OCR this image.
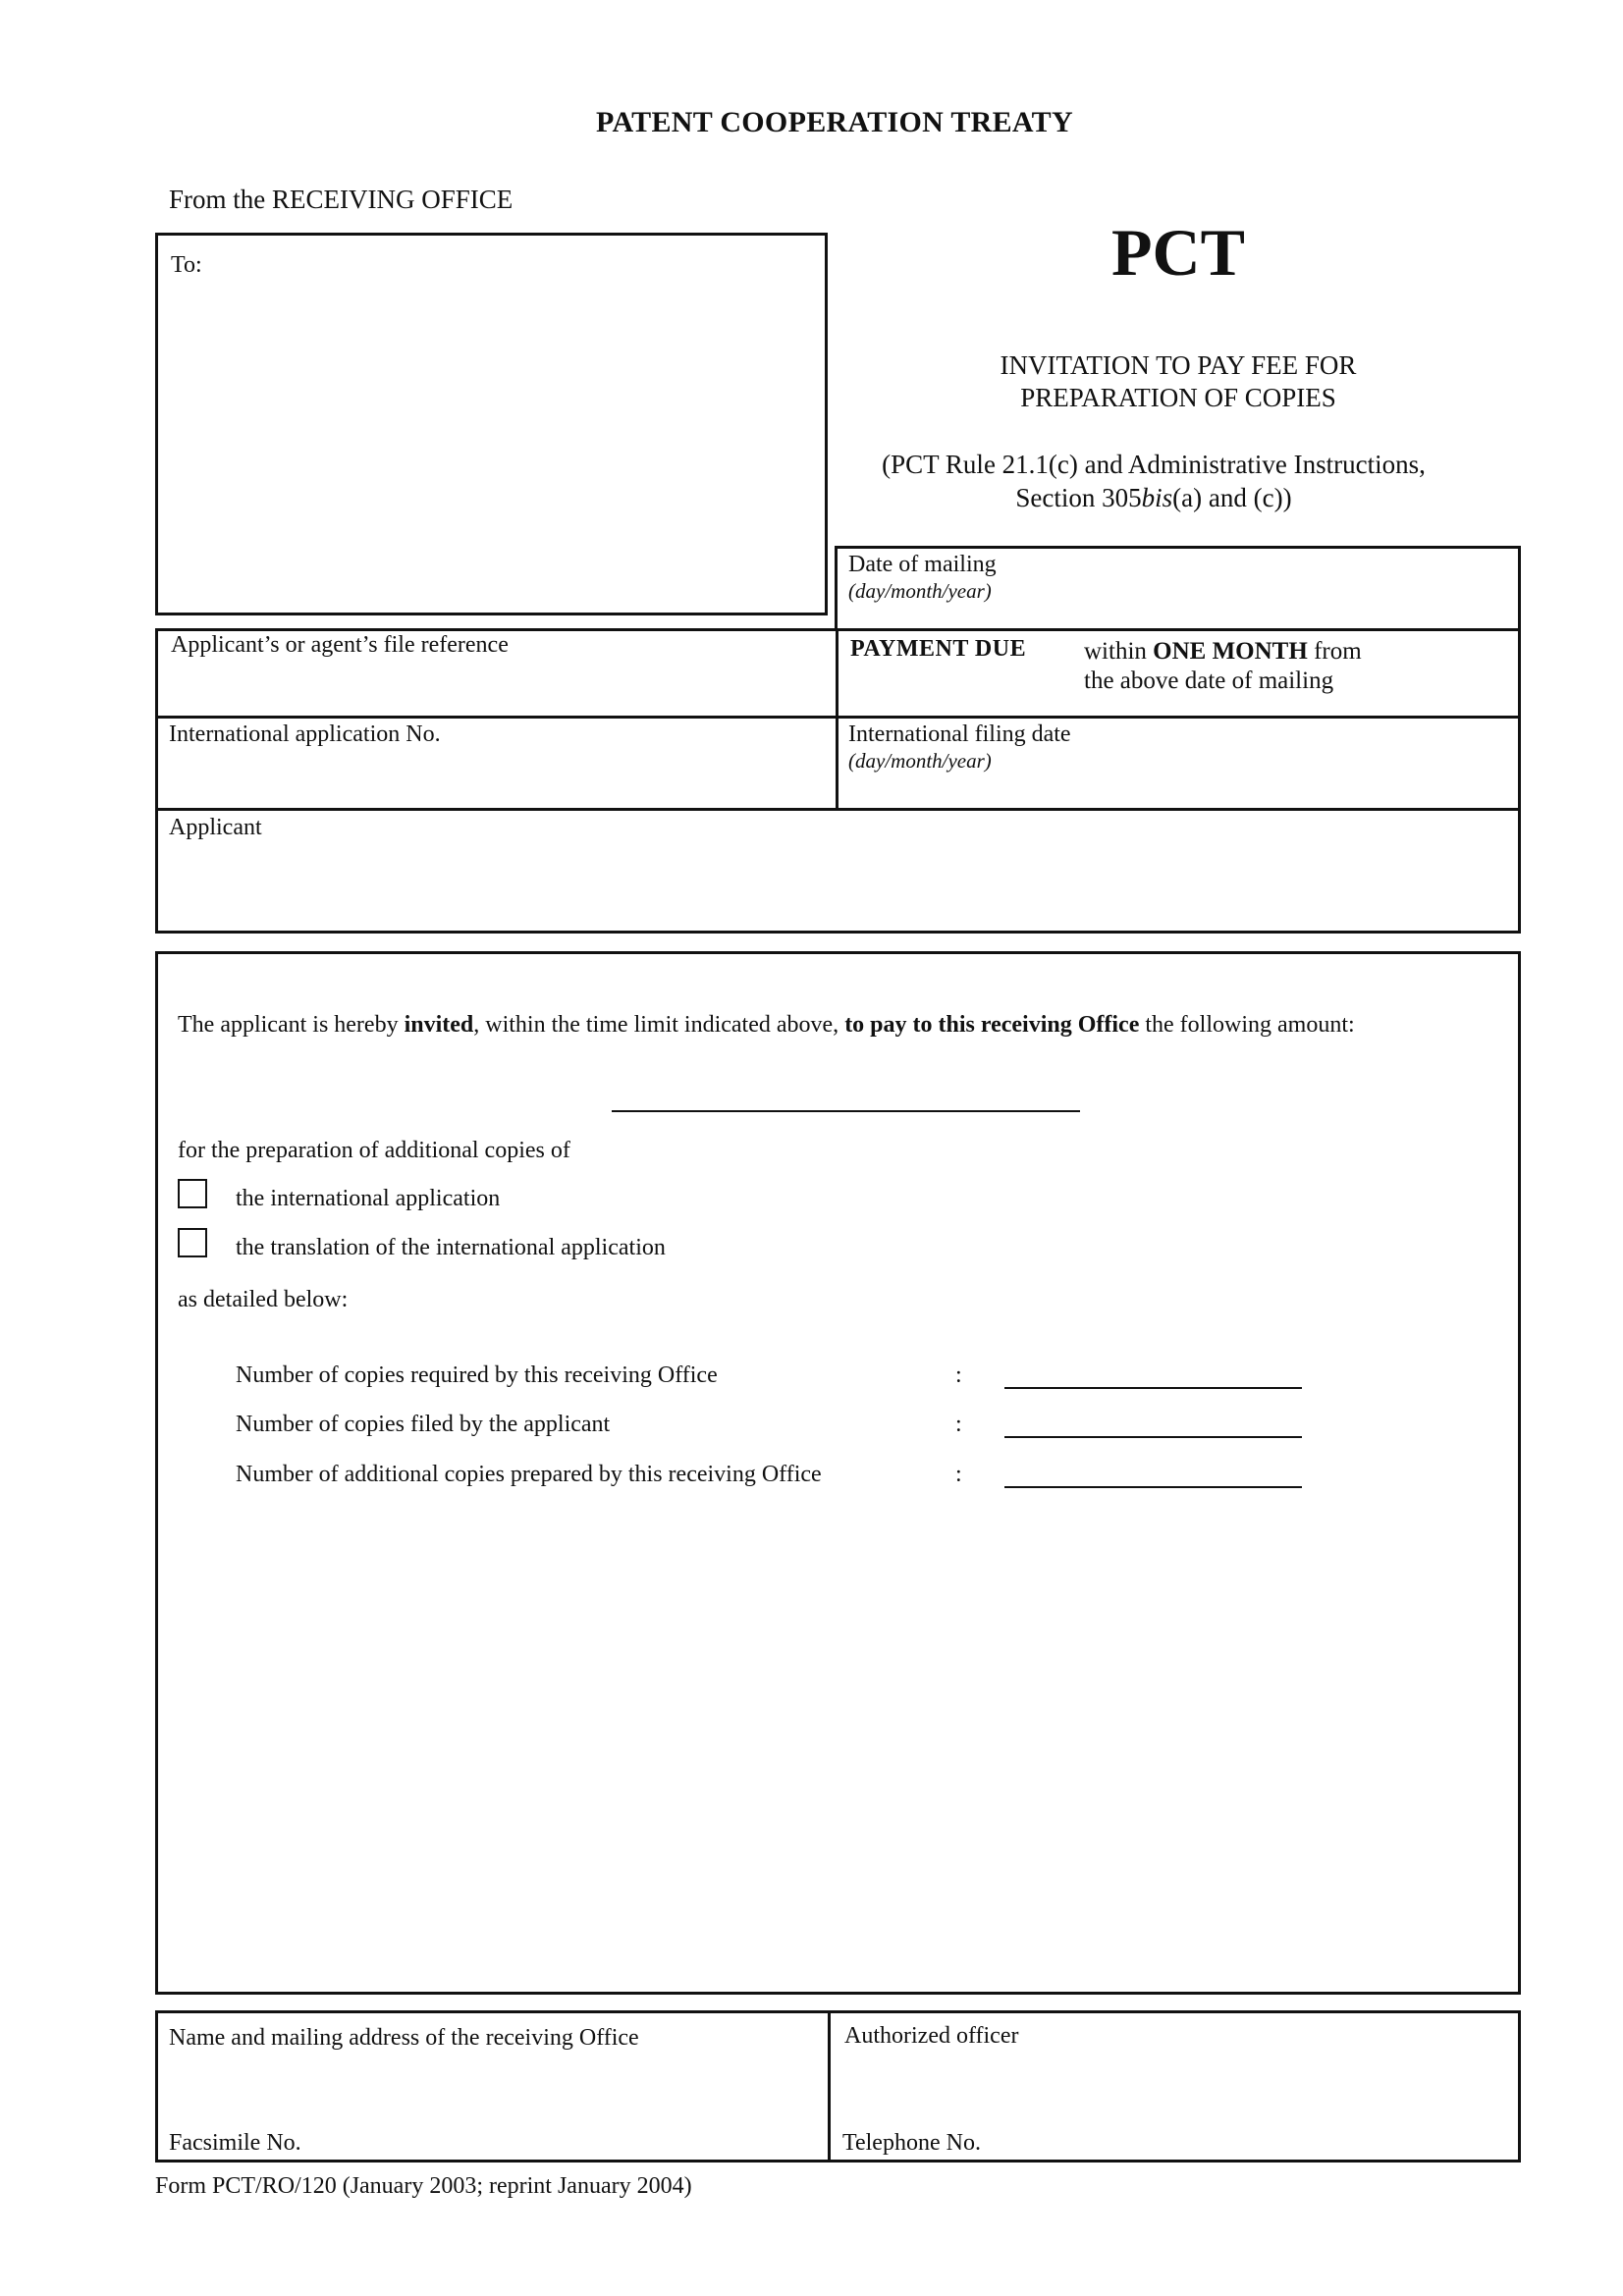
PATENT COOPERATION TREATY
From the RECEIVING OFFICE
To:	PCT
INVITATION TO PAY FEE FOR
PREPARATION OF COPIES
(PCT Rule 21.1(c) and Administrative Instructions,
Section 305bis(a) and (c))
Date of mailing
(day/month/year)
Applicant’s or agent’s file reference	PAYMENT DUE within ONE MONTH from
the above date of mailing
International application No.	International filing date
(day/month/year)
Applicant
The applicant is hereby invited, within the time limit indicated above, to pay to this receiving Office the following amount:
for the preparation of additional copies of
the international application
the translation of the international application
as detailed below:
Number of copies required by this receiving Office	:
Number of copies filed by the applicant	:
Number of additional copies prepared by this receiving Office	:
Name and mailing address of the receiving Office
Facsimile No.
Authorized officer
Telephone No.
Form PCT/RO/120 (January 2003; reprint January 2004)
